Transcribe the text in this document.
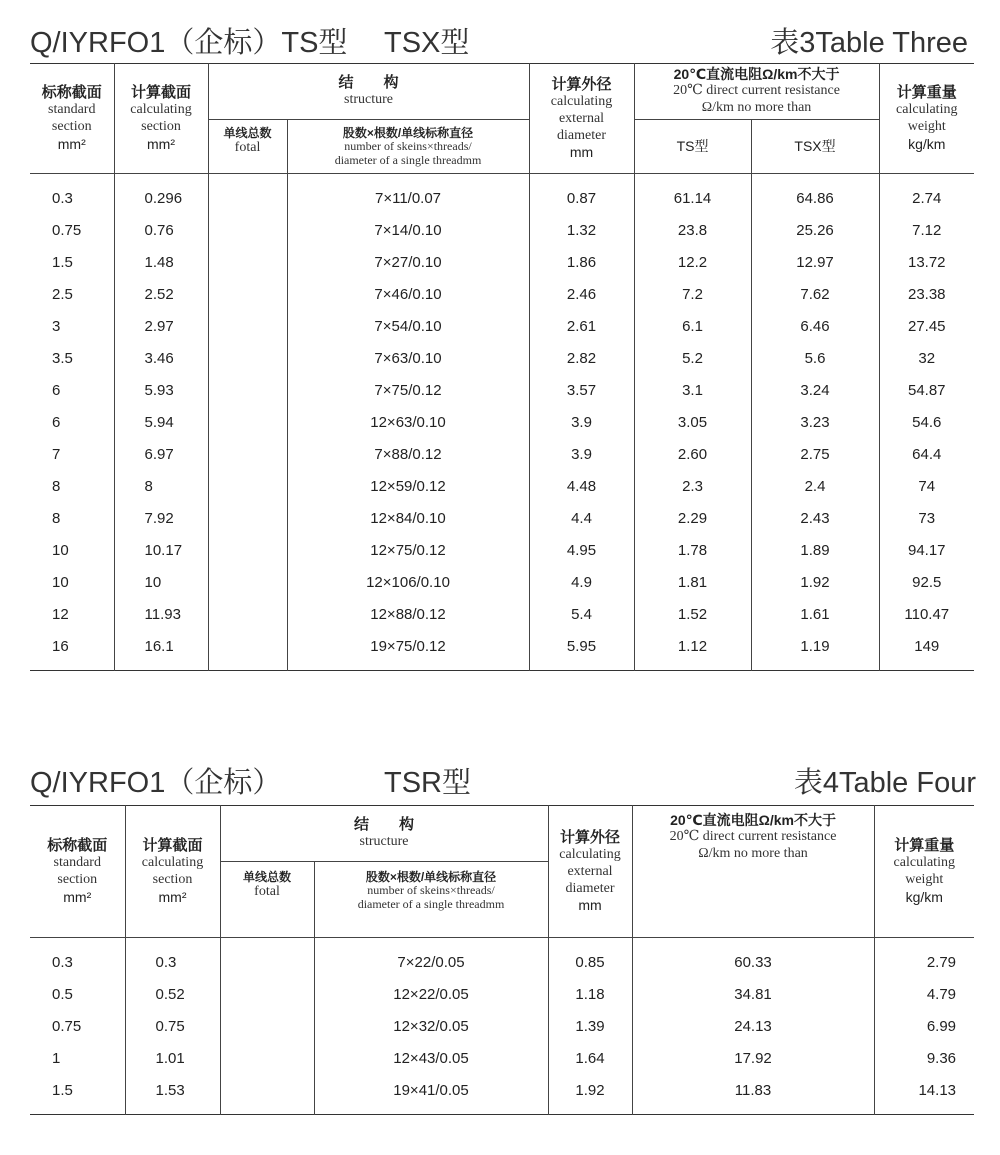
Q/IYRFO1（企标）TS型 TSX型	表3Table Three
标称截面
standard
section
mm²	计算截面
calculating
section
mm²	结　　构
structure		计算外径
calculating
external
diameter
mm	20℃直流电阻Ω/km不大于
20℃ direct current resistance
Ω/km no more than		计算重量
calculating
weight
kg/km

		单线总数
fotal	股数×根数/单线标称直径
number of skeins×threads/
diameter of a single threadmm		TS型	TSX型	

0.3	0.296		7×11/0.07	0.87	61.14	64.86	2.74
0.75	0.76		7×14/0.10	1.32	23.8	25.26	7.12
1.5	1.48		7×27/0.10	1.86	12.2	12.97	13.72
2.5	2.52		7×46/0.10	2.46	7.2	7.62	23.38
3	2.97		7×54/0.10	2.61	6.1	6.46	27.45
3.5	3.46		7×63/0.10	2.82	5.2	5.6	32
6	5.93		7×75/0.12	3.57	3.1	3.24	54.87
6	5.94		12×63/0.10	3.9	3.05	3.23	54.6
7	6.97		7×88/0.12	3.9	2.60	2.75	64.4
8	8		12×59/0.12	4.48	2.3	2.4	74
8	7.92		12×84/0.10	4.4	2.29	2.43	73
10	10.17		12×75/0.12	4.95	1.78	1.89	94.17
10	10		12×106/0.10	4.9	1.81	1.92	92.5
12	11.93		12×88/0.12	5.4	1.52	1.61	110.47
16	16.1		19×75/0.12	5.95	1.12	1.19	149
Q/IYRFO1（企标）	TSR型	表4Table Four
标称截面
standard
section
mm²	计算截面
calculating
section
mm²	结　　构
structure		计算外径
calculating
external
diameter
mm	20℃直流电阻Ω/km不大于
20℃ direct current resistance
Ω/km no more than	计算重量
calculating
weight
kg/km

		单线总数
fotal	股数×根数/单线标称直径
number of skeins×threads/
diameter of a single threadmm			

0.3	0.3		7×22/0.05	0.85	60.33	2.79
0.5	0.52		12×22/0.05	1.18	34.81	4.79
0.75	0.75		12×32/0.05	1.39	24.13	6.99
1	1.01		12×43/0.05	1.64	17.92	9.36
1.5	1.53		19×41/0.05	1.92	11.83	14.13
